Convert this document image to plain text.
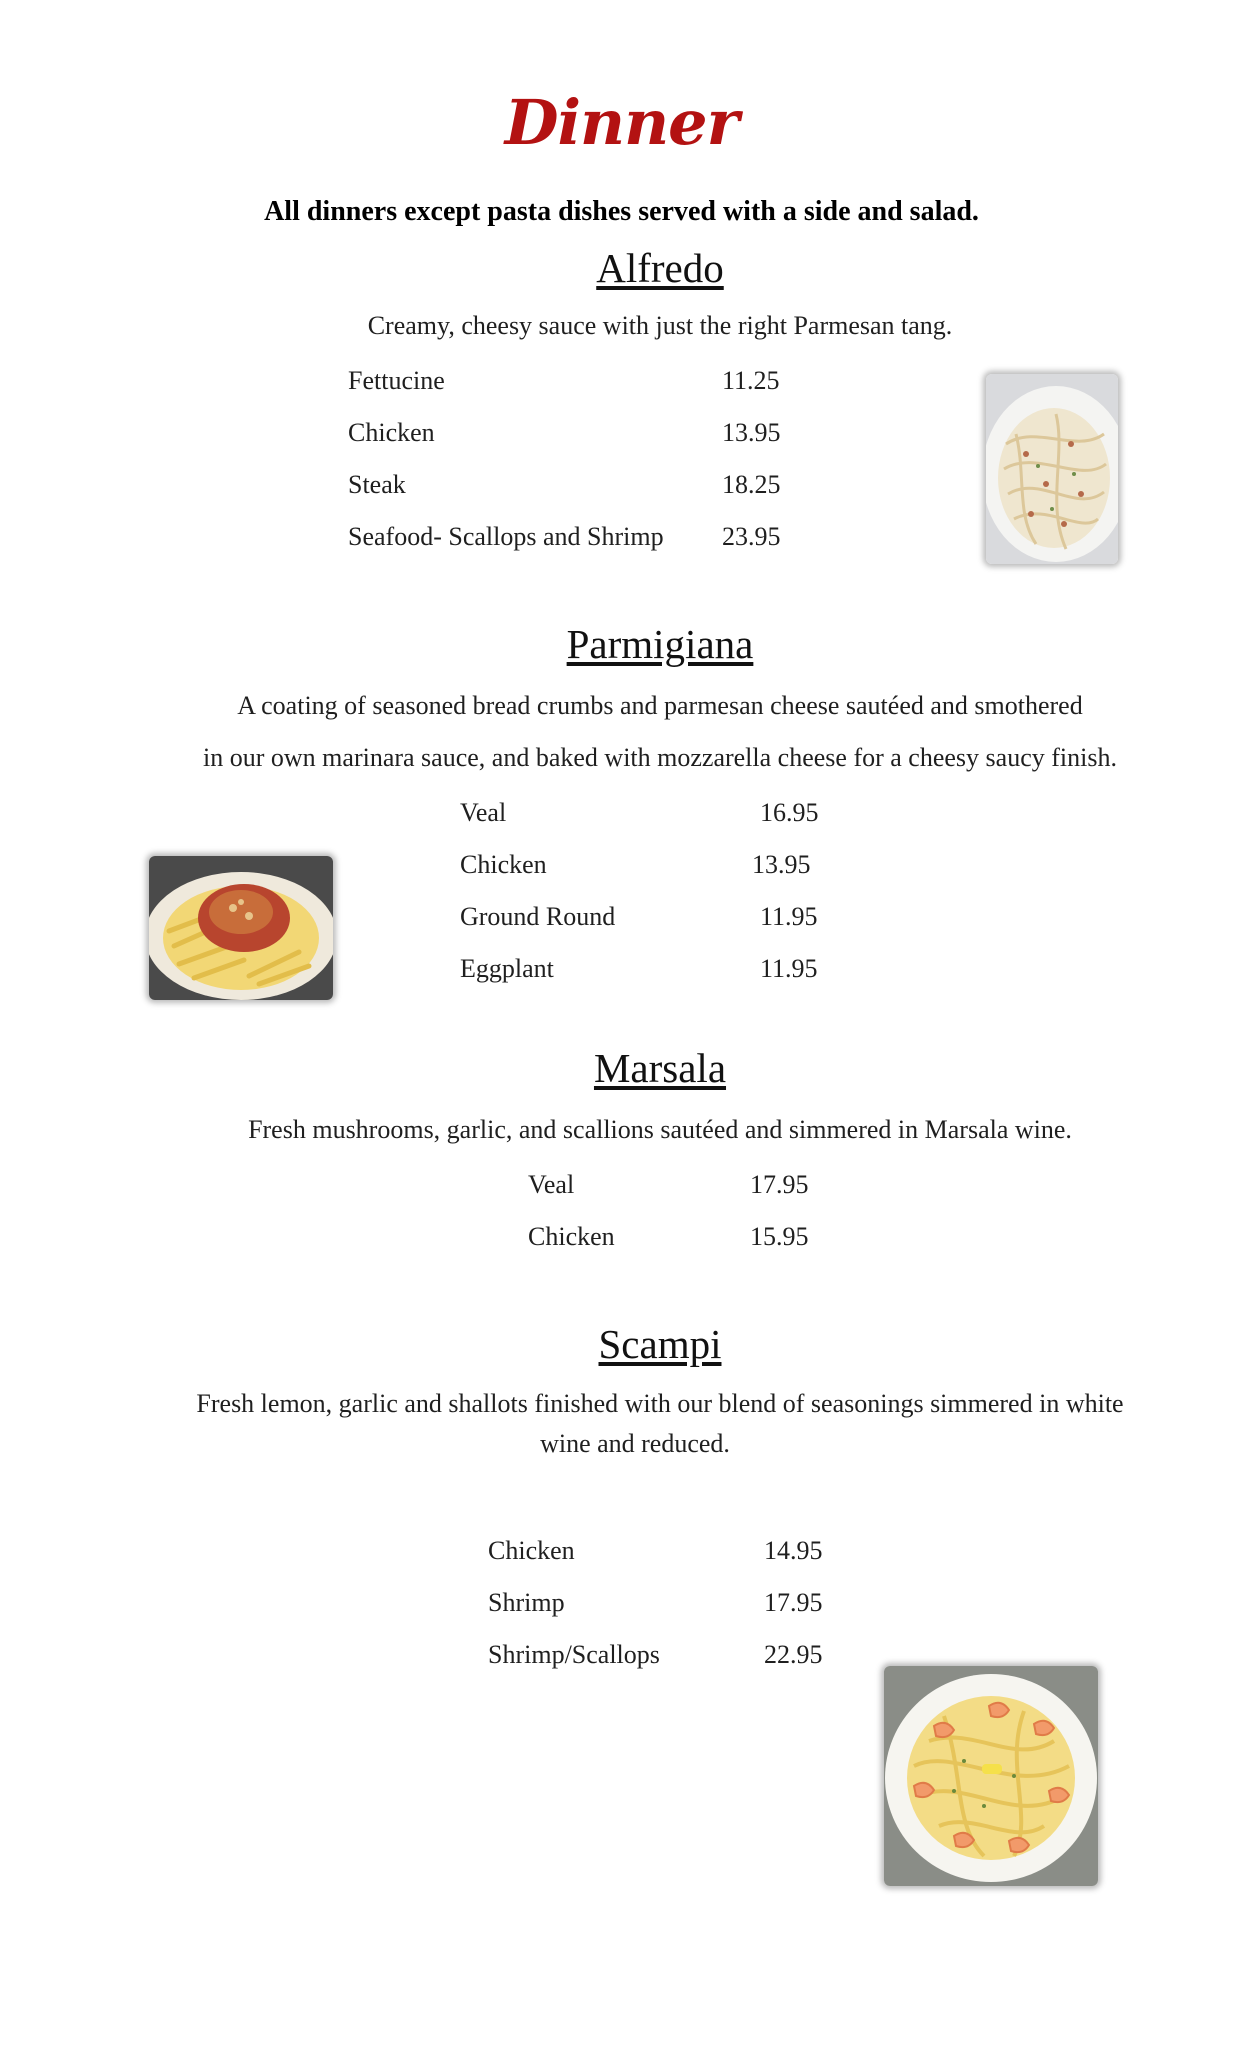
Dinner
All dinners except pasta dishes served with a side and salad.
Alfredo
Creamy, cheesy sauce with just the right Parmesan tang.
Fettucine	11.25
Chicken	13.95
Steak	18.25
Seafood- Scallops and Shrimp 23.95
Parmigiana
A coating of seasoned bread crumbs and parmesan cheese sautéed and smothered
in our own marinara sauce, and baked with mozzarella cheese for a cheesy saucy finish.
Veal	16.95
Chicken	13.95
Ground Round	11.95
Eggplant	11.95
Marsala
Fresh mushrooms, garlic, and scallions sautéed and simmered in Marsala wine.
Veal	17.95
Chicken	15.95
Scampi
Fresh lemon, garlic and shallots finished with our blend of seasonings simmered in white
wine and reduced.
Chicken	14.95
Shrimp	17.95
Shrimp/Scallops	22.95
